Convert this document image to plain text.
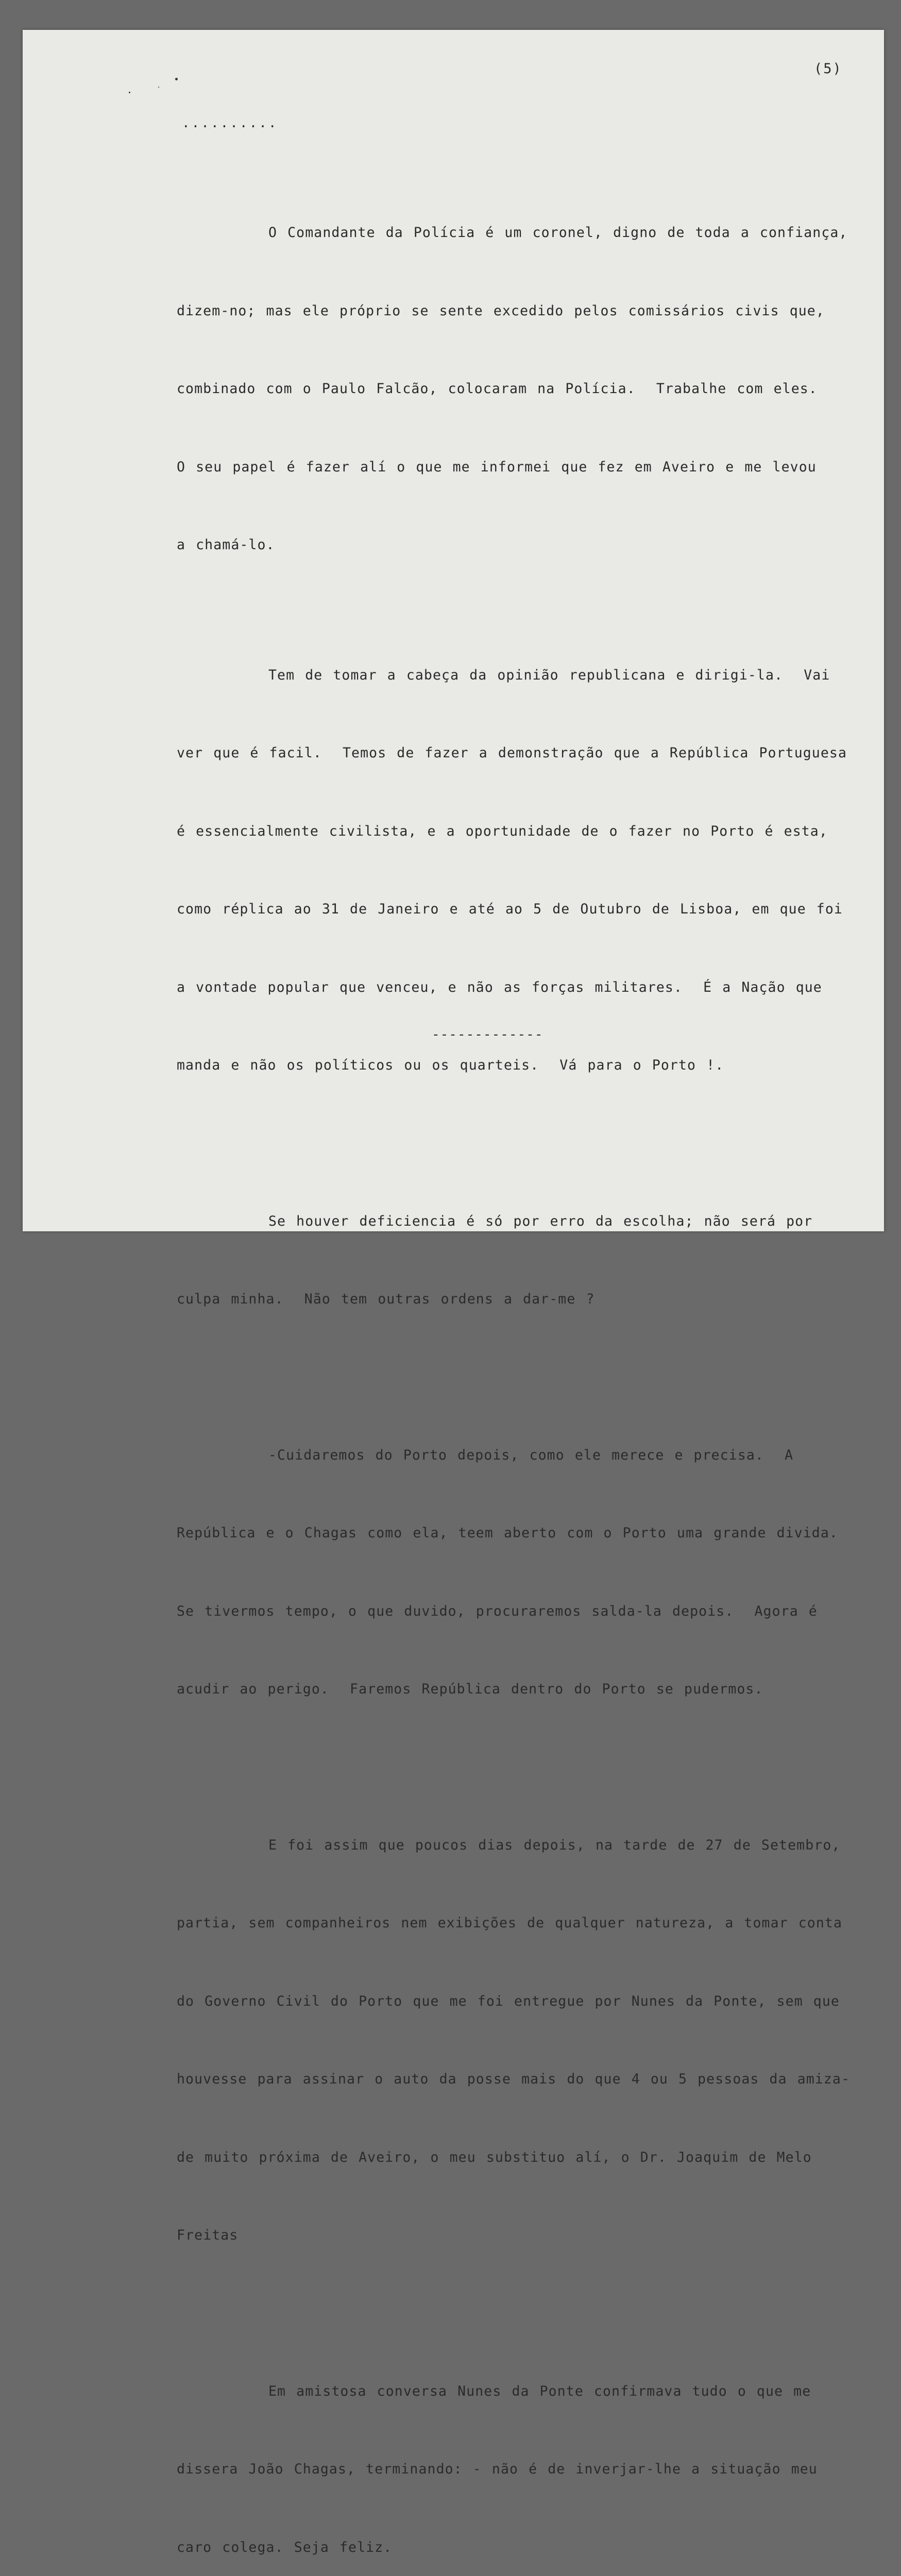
(5)
..........

O Comandante da Polícia é um coronel, digno de toda a confiança,

dizem-no; mas ele próprio se sente excedido pelos comissários civis que,

combinado com o Paulo Falcão, colocaram na Polícia.  Trabalhe com eles.

O seu papel é fazer alí o que me informei que fez em Aveiro e me levou

a chamá-lo.

Tem de tomar a cabeça da opinião republicana e dirigi-la.  Vai

ver que é facil.  Temos de fazer a demonstração que a República Portuguesa

é essencialmente civilista, e a oportunidade de o fazer no Porto é esta,

como réplica ao 31 de Janeiro e até ao 5 de Outubro de Lisboa, em que foi

a vontade popular que venceu, e não as forças militares.  É a Nação que

manda e não os políticos ou os quarteis.  Vá para o Porto !.

Se houver deficiencia é só por erro da escolha; não será por

culpa minha.  Não tem outras ordens a dar-me ?

-Cuidaremos do Porto depois, como ele merece e precisa.  A

República e o Chagas como ela, teem aberto com o Porto uma grande divida.

Se tivermos tempo, o que duvido, procuraremos salda-la depois.  Agora é

acudir ao perigo.  Faremos República dentro do Porto se pudermos.

E foi assim que poucos dias depois, na tarde de 27 de Setembro,

partia, sem companheiros nem exibições de qualquer natureza, a tomar conta

do Governo Civil do Porto que me foi entregue por Nunes da Ponte, sem que

houvesse para assinar o auto da posse mais do que 4 ou 5 pessoas da amiza-

de muito próxima de Aveiro, o meu substituo alí, o Dr. Joaquim de Melo

Freitas

Em amistosa conversa Nunes da Ponte confirmava tudo o que me

dissera João Chagas, terminando: - não é de inverjar-lhe a situação meu

caro colega. Seja feliz.

-------------
